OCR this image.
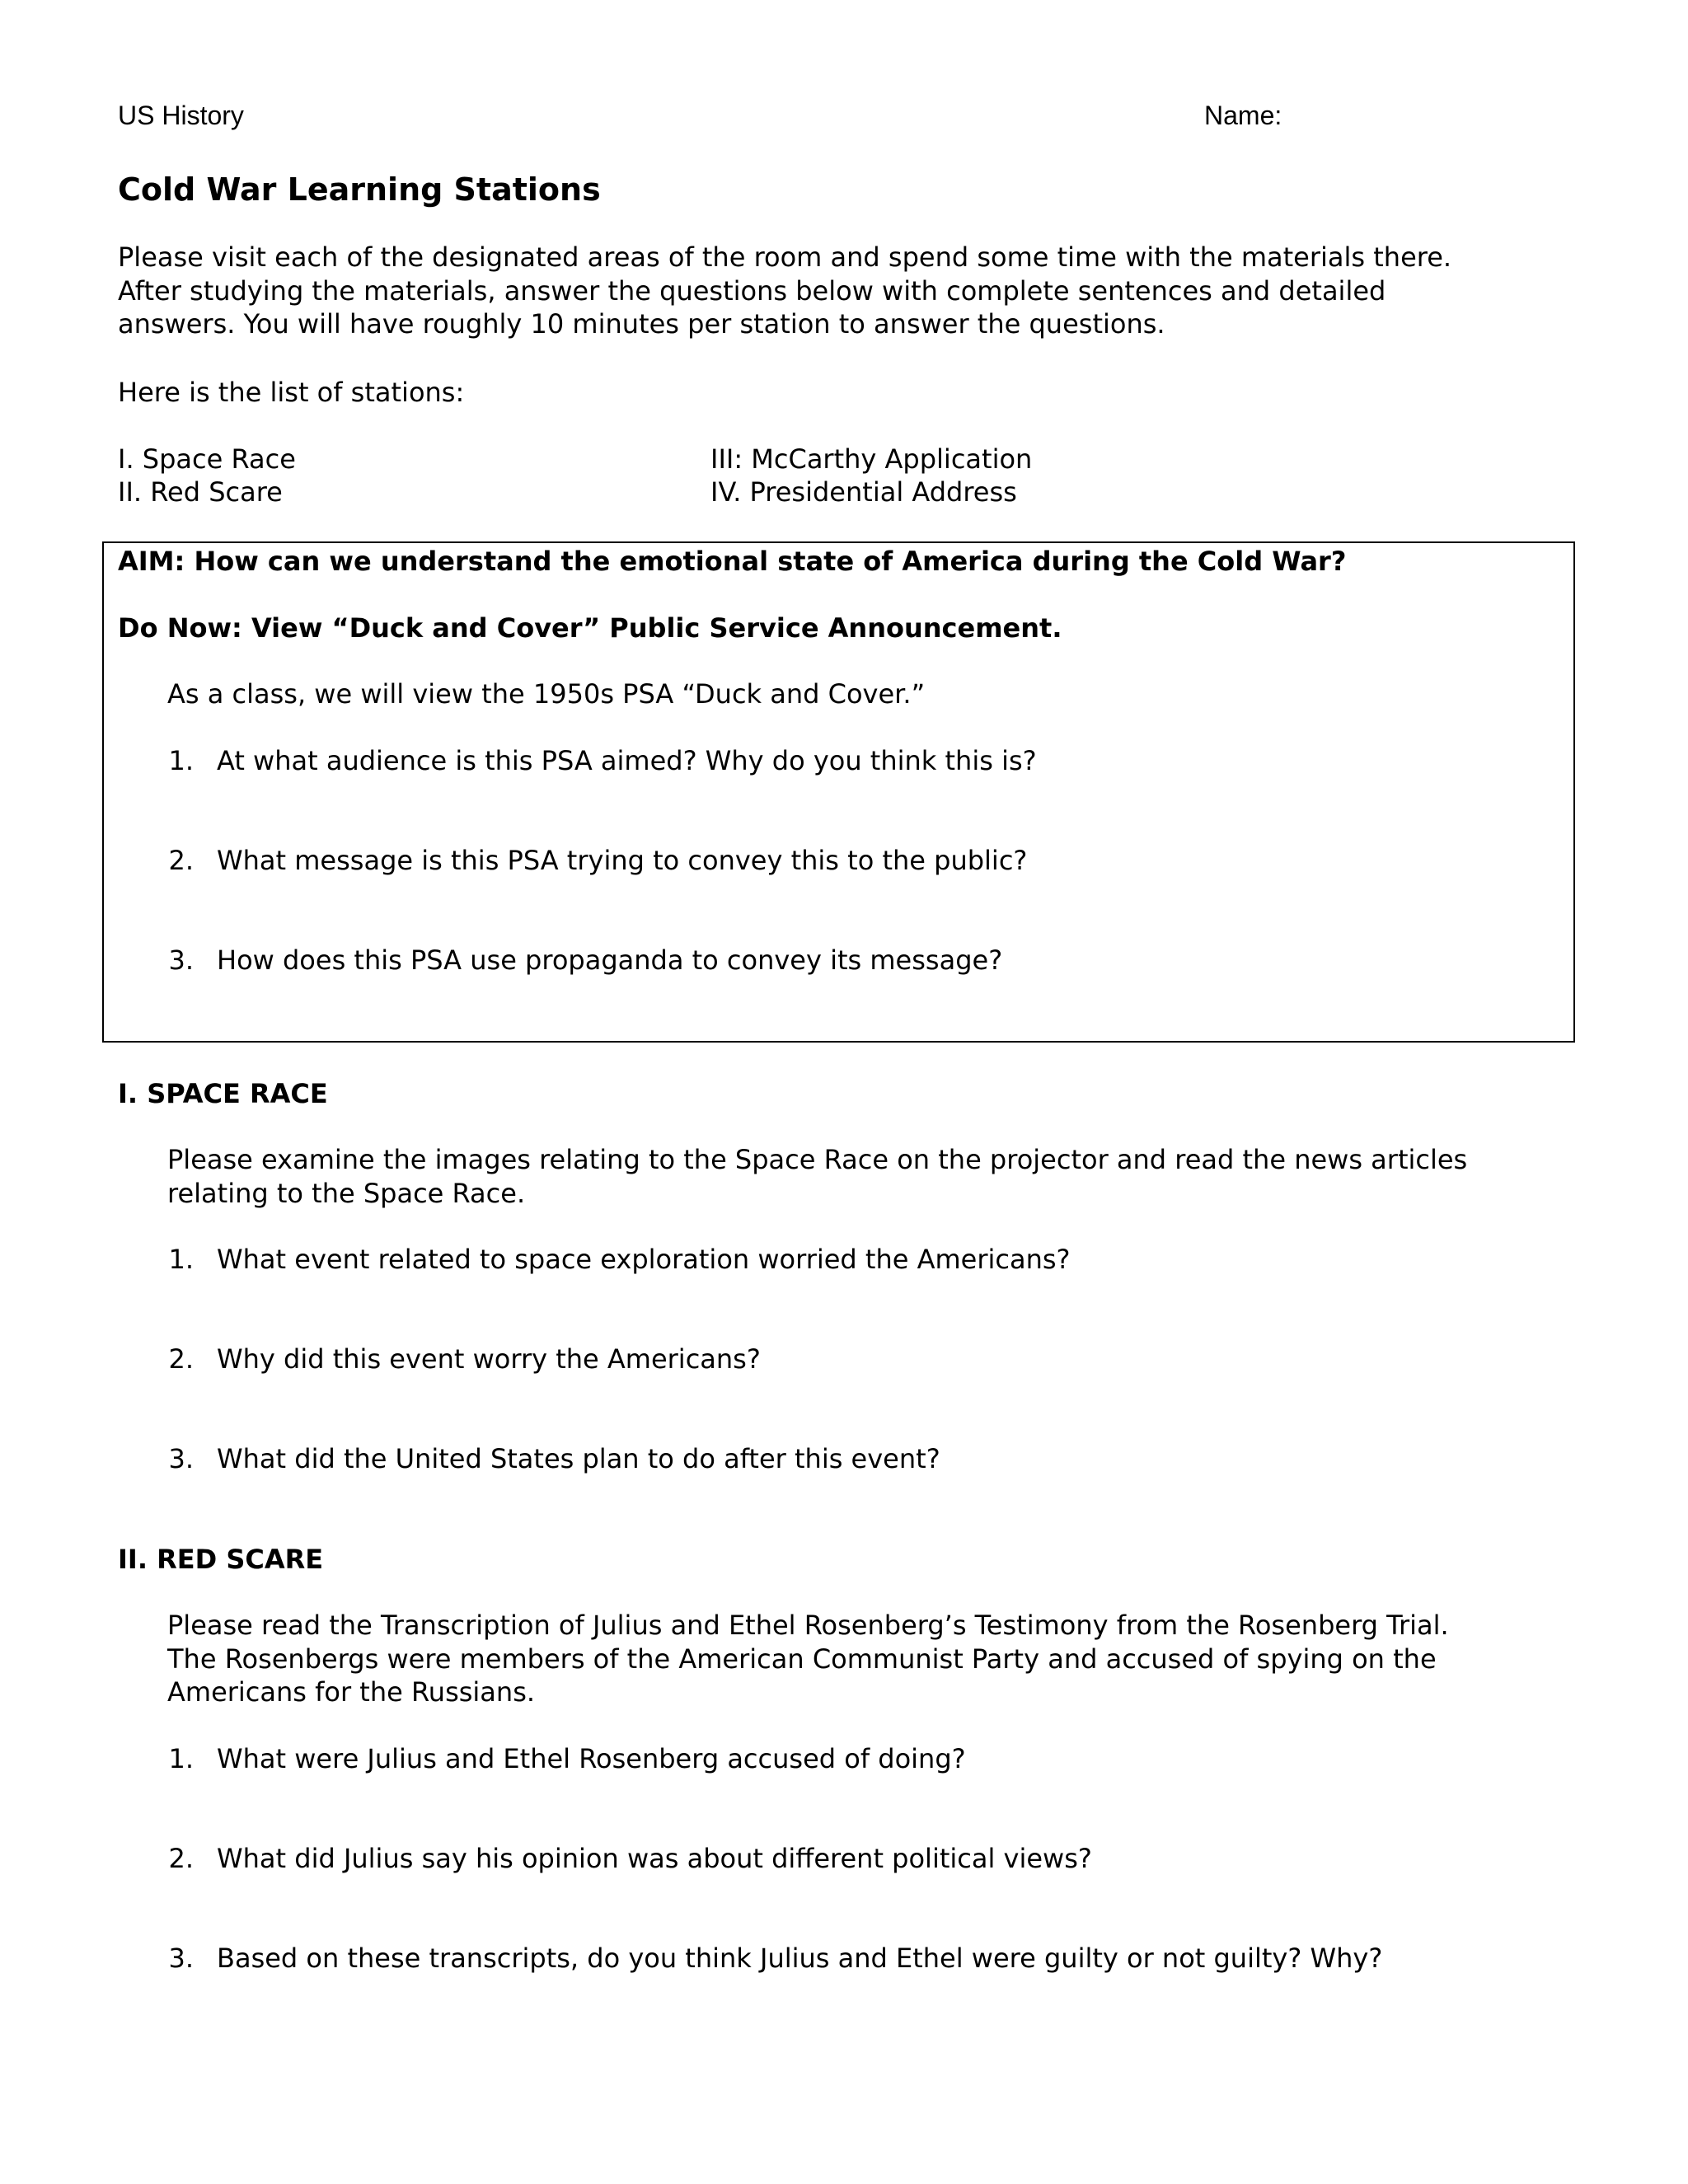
US History	Name:
Cold War Learning Stations
Please visit each of the designated areas of the room and spend some time with the materials there.
After studying the materials, answer the questions below with complete sentences and detailed
answers. You will have roughly 10 minutes per station to answer the questions.
Here is the list of stations:
I. Space Race
II. Red Scare
III: McCarthy Application
IV. Presidential Address
AIM: How can we understand the emotional state of America during the Cold War?
Do Now: View “Duck and Cover” Public Service Announcement.
As a class, we will view the 1950s PSA “Duck and Cover.”
1. At what audience is this PSA aimed? Why do you think this is?
2. What message is this PSA trying to convey this to the public?
3. How does this PSA use propaganda to convey its message?
I. SPACE RACE
Please examine the images relating to the Space Race on the projector and read the news articles
relating to the Space Race.
1. What event related to space exploration worried the Americans?
2. Why did this event worry the Americans?
3. What did the United States plan to do after this event?
II. RED SCARE
Please read the Transcription of Julius and Ethel Rosenberg’s Testimony from the Rosenberg Trial.
The Rosenbergs were members of the American Communist Party and accused of spying on the
Americans for the Russians.
1. What were Julius and Ethel Rosenberg accused of doing?
2. What did Julius say his opinion was about different political views?
3. Based on these transcripts, do you think Julius and Ethel were guilty or not guilty? Why?
